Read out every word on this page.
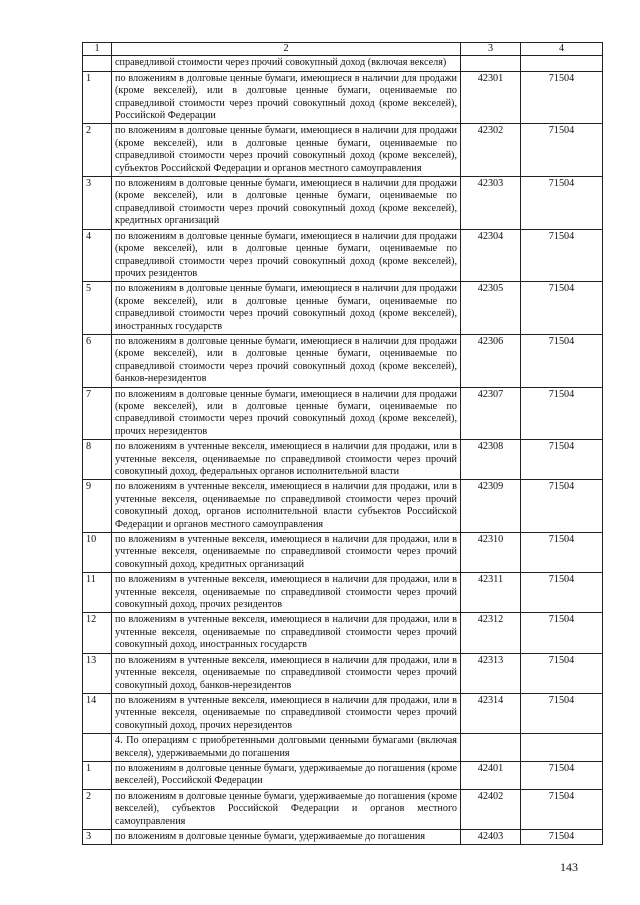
1	2	3	4
	справедливой стоимости через прочий совокупный доход (включая векселя)		
1	по вложениям в долговые ценные бумаги, имеющиеся в наличии для продажи (кроме векселей), или в долговые ценные бумаги, оцениваемые по справедливой стоимости через прочий совокупный доход (кроме векселей), Российской Федерации	42301	71504
2	по вложениям в долговые ценные бумаги, имеющиеся в наличии для продажи (кроме векселей), или в долговые ценные бумаги, оцениваемые по справедливой стоимости через прочий совокупный доход (кроме векселей), субъектов Российской Федерации и органов местного самоуправления	42302	71504
3	по вложениям в долговые ценные бумаги, имеющиеся в наличии для продажи (кроме векселей), или в долговые ценные бумаги, оцениваемые по справедливой стоимости через прочий совокупный доход (кроме векселей), кредитных организаций	42303	71504
4	по вложениям в долговые ценные бумаги, имеющиеся в наличии для продажи (кроме векселей), или в долговые ценные бумаги, оцениваемые по справедливой стоимости через прочий совокупный доход (кроме векселей), прочих резидентов	42304	71504
5	по вложениям в долговые ценные бумаги, имеющиеся в наличии для продажи (кроме векселей), или в долговые ценные бумаги, оцениваемые по справедливой стоимости через прочий совокупный доход (кроме векселей), иностранных государств	42305	71504
6	по вложениям в долговые ценные бумаги, имеющиеся в наличии для продажи (кроме векселей), или в долговые ценные бумаги, оцениваемые по справедливой стоимости через прочий совокупный доход (кроме векселей), банков-нерезидентов	42306	71504
7	по вложениям в долговые ценные бумаги, имеющиеся в наличии для продажи (кроме векселей), или в долговые ценные бумаги, оцениваемые по справедливой стоимости через прочий совокупный доход (кроме векселей), прочих нерезидентов	42307	71504
8	по вложениям в учтенные векселя, имеющиеся в наличии для продажи, или в учтенные векселя, оцениваемые по справедливой стоимости через прочий совокупный доход, федеральных органов исполнительной власти	42308	71504
9	по вложениям в учтенные векселя, имеющиеся в наличии для продажи, или в учтенные векселя, оцениваемые по справедливой стоимости через прочий совокупный доход, органов исполнительной власти субъектов Российской Федерации и органов местного самоуправления	42309	71504
10	по вложениям в учтенные векселя, имеющиеся в наличии для продажи, или в учтенные векселя, оцениваемые по справедливой стоимости через прочий совокупный доход, кредитных организаций	42310	71504
11	по вложениям в учтенные векселя, имеющиеся в наличии для продажи, или в учтенные векселя, оцениваемые по справедливой стоимости через прочий совокупный доход, прочих резидентов	42311	71504
12	по вложениям в учтенные векселя, имеющиеся в наличии для продажи, или в учтенные векселя, оцениваемые по справедливой стоимости через прочий совокупный доход, иностранных государств	42312	71504
13	по вложениям в учтенные векселя, имеющиеся в наличии для продажи, или в учтенные векселя, оцениваемые по справедливой стоимости через прочий совокупный доход, банков-нерезидентов	42313	71504
14	по вложениям в учтенные векселя, имеющиеся в наличии для продажи, или в учтенные векселя, оцениваемые по справедливой стоимости через прочий совокупный доход, прочих нерезидентов	42314	71504
	4. По операциям с приобретенными долговыми ценными бумагами (включая векселя), удерживаемыми до погашения		
1	по вложениям в долговые ценные бумаги, удерживаемые до погашения (кроме векселей), Российской Федерации	42401	71504
2	по вложениям в долговые ценные бумаги, удерживаемые до погашения (кроме векселей), субъектов Российской Федерации и органов местного самоуправления	42402	71504
3	по вложениям в долговые ценные бумаги, удерживаемые до погашения	42403	71504
143
